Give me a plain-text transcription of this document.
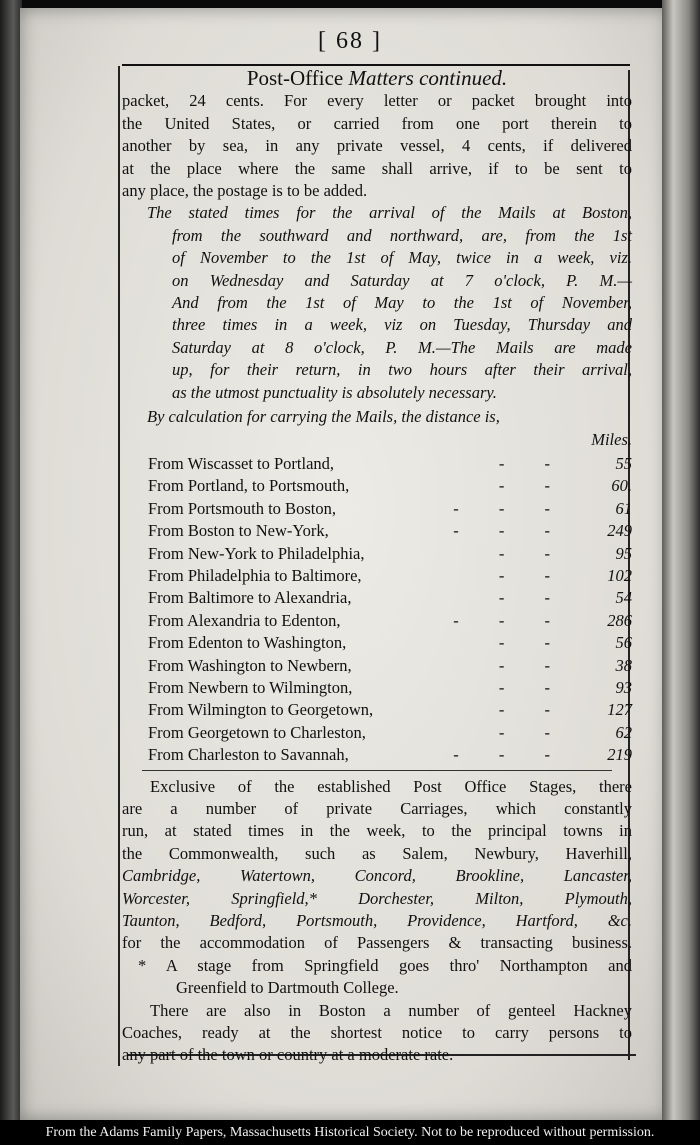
[ 68 ]
Post-Office Matters continued.

packet, 24 cents. For every letter or packet brought into

the United States, or carried from one port therein to

another by sea, in any private vessel, 4 cents, if delivered

at the place where the same shall arrive, if to be sent to

any place, the postage is to be added.

The stated times for the arrival of the Mails at Boston,

from the southward and northward, are, from the 1st

of November to the 1st of May, twice in a week, viz.

on Wednesday and Saturday at 7 o'clock, P. M.—

And from the 1st of May to the 1st of November,

three times in a week, viz on Tuesday, Thursday and

Saturday at 8 o'clock, P. M.—The Mails are made

up, for their return, in two hours after their arrival,

as the utmost punctuality is absolutely necessary.

By calculation for carrying the Mails, the distance is,

Miles.

From Wiscasset to Portland,	- -	55
From Portland, to Portsmouth,	- -	60.
From Portsmouth to Boston,	- - -	61
From Boston to New-York,	- - -	249
From New-York to Philadelphia,	- -	95
From Philadelphia to Baltimore,	- -	102
From Baltimore to Alexandria,	- -	54
From Alexandria to Edenton,	- - -	286
From Edenton to Washington,	- -	56
From Washington to Newbern,	- -	38
From Newbern to Wilmington,	- -	93
From Wilmington to Georgetown,	- -	127
From Georgetown to Charleston,	- -	62
From Charleston to Savannah,	- - -	219

Exclusive of the established Post Office Stages, there

are a number of private Carriages, which constantly

run, at stated times in the week, to the principal towns in

the Commonwealth, such as Salem, Newbury, Haverhill,

Cambridge, Watertown, Concord, Brookline, Lancaster,

Worcester, Springfield,* Dorchester, Milton, Plymouth,

Taunton, Bedford, Portsmouth, Providence, Hartford, &c.

for the accommodation of Passengers & transacting business.

* A stage from Springfield goes thro' Northampton and

Greenfield to Dartmouth College.

There are also in Boston a number of genteel Hackney

Coaches, ready at the shortest notice to carry persons to

any part of the town or country at a moderate rate.

From the Adams Family Papers, Massachusetts Historical Society. Not to be reproduced without permission.
